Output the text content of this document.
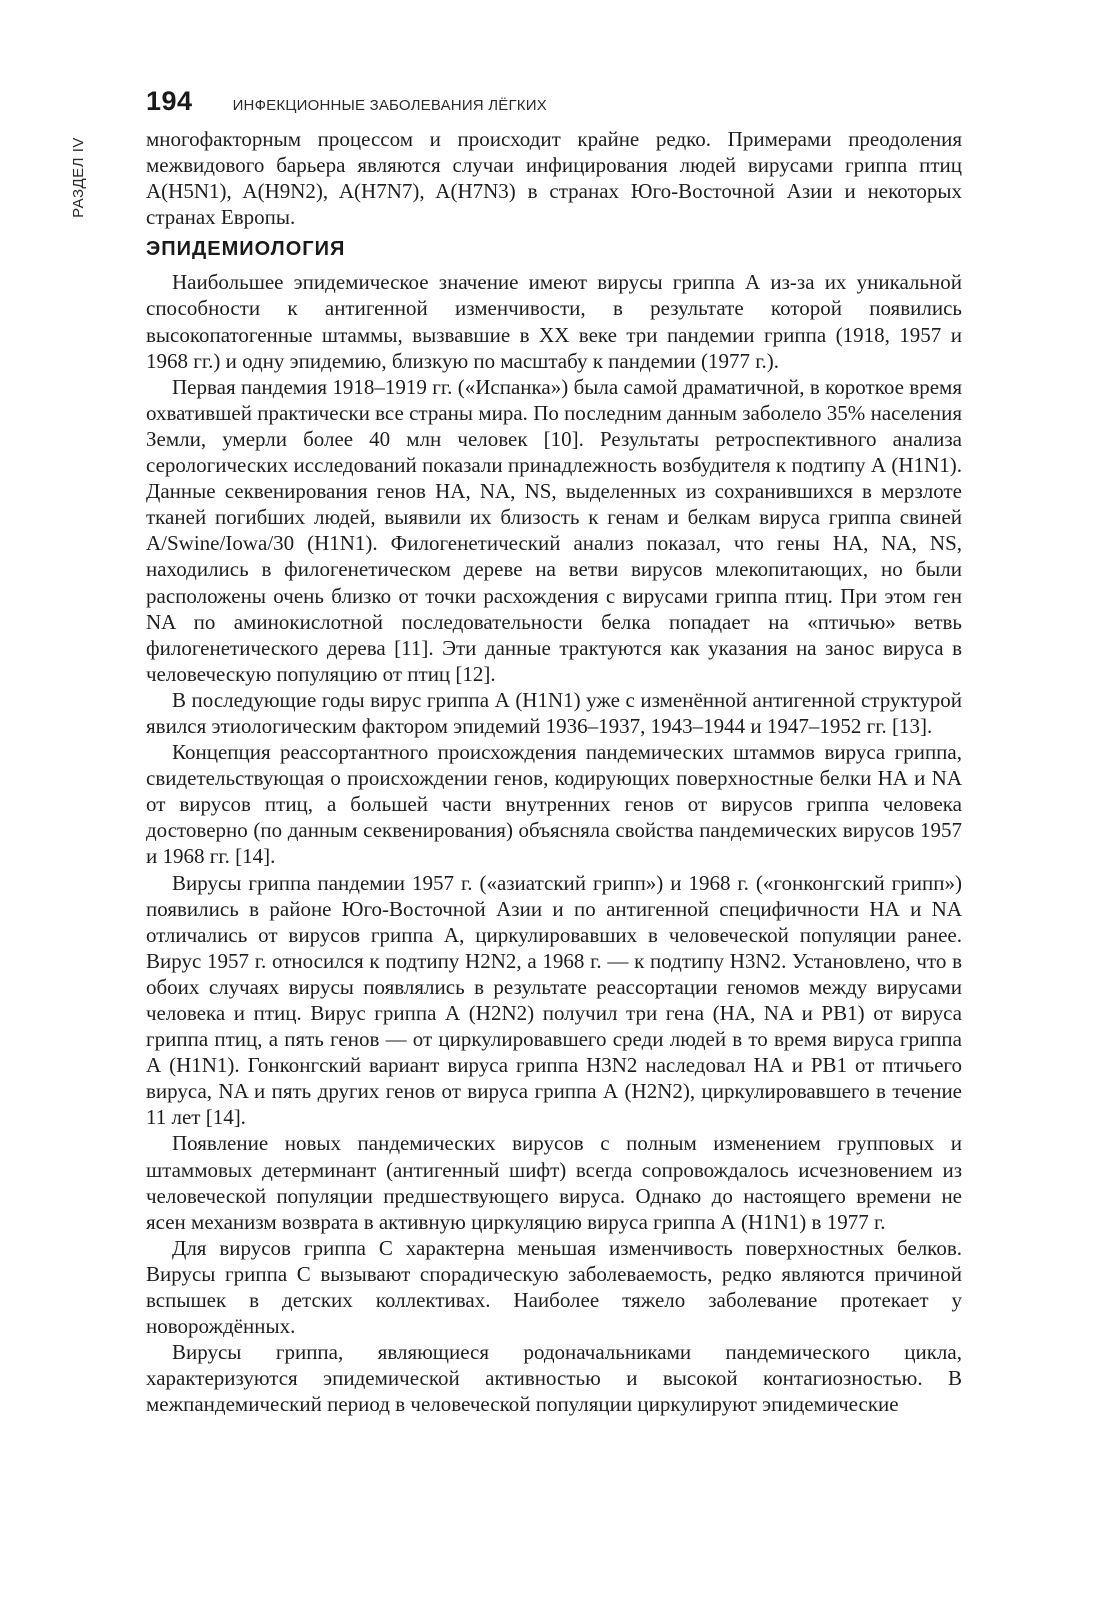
РАЗДЕЛ IV
194	ИНФЕКЦИОННЫЕ ЗАБОЛЕВАНИЯ ЛЁГКИХ

многофакторным процессом и происходит крайне редко. Примерами преодоления межвидового барьера являются случаи инфицирования людей вирусами гриппа птиц A(H5N1), A(H9N2), A(H7N7), A(H7N3) в странах Юго-Восточной Азии и некоторых странах Европы.

ЭПИДЕМИОЛОГИЯ

Наибольшее эпидемическое значение имеют вирусы гриппа А из-за их уникальной способности к антигенной изменчивости, в результате которой появились высокопатогенные штаммы, вызвавшие в ХХ веке три пандемии гриппа (1918, 1957 и 1968 гг.) и одну эпидемию, близкую по масштабу к пандемии (1977 г.).

Первая пандемия 1918–1919 гг. («Испанка») была самой драматичной, в короткое время охватившей практически все страны мира. По последним данным заболело 35% населения Земли, умерли более 40 млн человек [10]. Результаты ретроспективного анализа серологических исследований показали принадлежность возбудителя к подтипу А (H1N1). Данные секвенирования генов HA, NA, NS, выделенных из сохранившихся в мерзлоте тканей погибших людей, выявили их близость к генам и белкам вируса гриппа свиней A/Swine/Iowa/30 (H1N1). Филогенетический анализ показал, что гены HA, NA, NS, находились в филогенетическом дереве на ветви вирусов млекопитающих, но были расположены очень близко от точки расхождения с вирусами гриппа птиц. При этом ген NA по аминокислотной последовательности белка попадает на «птичью» ветвь филогенетического дерева [11]. Эти данные трактуются как указания на занос вируса в человеческую популяцию от птиц [12].

В последующие годы вирус гриппа А (H1N1) уже с изменённой антигенной структурой явился этиологическим фактором эпидемий 1936–1937, 1943–1944 и 1947–1952 гг. [13].

Концепция реассортантного происхождения пандемических штаммов вируса гриппа, свидетельствующая о происхождении генов, кодирующих поверхностные белки НА и NA от вирусов птиц, а большей части внутренних генов от вирусов гриппа человека достоверно (по данным секвенирования) объясняла свойства пандемических вирусов 1957 и 1968 гг. [14].

Вирусы гриппа пандемии 1957 г. («азиатский грипп») и 1968 г. («гонконгский грипп») появились в районе Юго-Восточной Азии и по антигенной специфичности НА и NA отличались от вирусов гриппа А, циркулировавших в человеческой популяции ранее. Вирус 1957 г. относился к подтипу H2N2, а 1968 г. — к подтипу H3N2. Установлено, что в обоих случаях вирусы появлялись в результате реассортации геномов между вирусами человека и птиц. Вирус гриппа А (H2N2) получил три гена (НА, NA и PB1) от вируса гриппа птиц, а пять генов — от циркулировавшего среди людей в то время вируса гриппа А (H1N1). Гонконгский вариант вируса гриппа H3N2 наследовал НА и PB1 от птичьего вируса, NA и пять других генов от вируса гриппа А (H2N2), циркулировавшего в течение 11 лет [14].

Появление новых пандемических вирусов с полным изменением групповых и штаммовых детерминант (антигенный шифт) всегда сопровождалось исчезновением из человеческой популяции предшествующего вируса. Однако до настоящего времени не ясен механизм возврата в активную циркуляцию вируса гриппа А (H1N1) в 1977 г.

Для вирусов гриппа С характерна меньшая изменчивость поверхностных белков. Вирусы гриппа С вызывают спорадическую заболеваемость, редко являются причиной вспышек в детских коллективах. Наиболее тяжело заболевание протекает у новорождённых.

Вирусы гриппа, являющиеся родоначальниками пандемического цикла, характеризуются эпидемической активностью и высокой контагиозностью. В межпандемический период в человеческой популяции циркулируют эпидемические
